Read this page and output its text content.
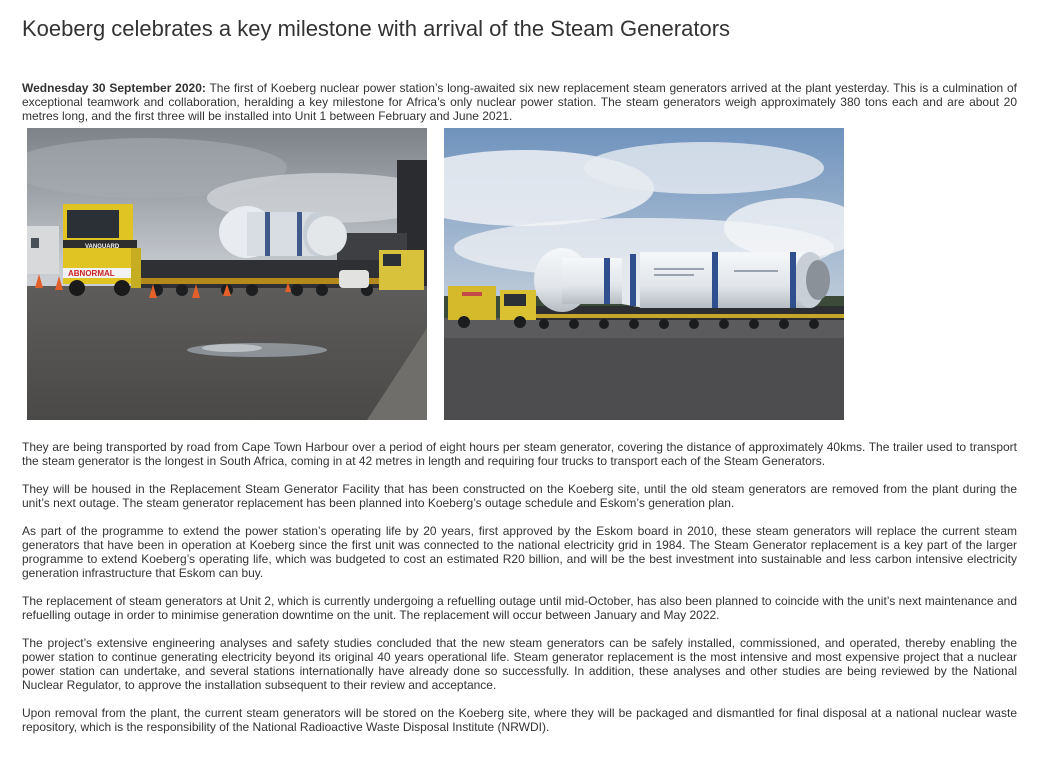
Koeberg celebrates a key milestone with arrival of the Steam Generators

Wednesday 30 September 2020: The first of Koeberg nuclear power station’s long-awaited six new replacement steam generators arrived at the plant yesterday. This is a culmination of exceptional teamwork and collaboration, heralding a key milestone for Africa’s only nuclear power station. The steam generators weigh approximately 380 tons each and are about 20 metres long, and the first three will be installed into Unit 1 between February and June 2021.

VANGUARD
ABNORMAL

They are being transported by road from Cape Town Harbour over a period of eight hours per steam generator, covering the distance of approximately 40kms. The trailer used to transport the steam generator is the longest in South Africa, coming in at 42 metres in length and requiring four trucks to transport each of the Steam Generators.

They will be housed in the Replacement Steam Generator Facility that has been constructed on the Koeberg site, until the old steam generators are removed from the plant during the unit’s next outage. The steam generator replacement has been planned into Koeberg’s outage schedule and Eskom’s generation plan.

As part of the programme to extend the power station’s operating life by 20 years, first approved by the Eskom board in 2010, these steam generators will replace the current steam generators that have been in operation at Koeberg since the first unit was connected to the national electricity grid in 1984. The Steam Generator replacement is a key part of the larger programme to extend Koeberg’s operating life, which was budgeted to cost an estimated R20 billion, and will be the best investment into sustainable and less carbon intensive electricity generation infrastructure that Eskom can buy.

The replacement of steam generators at Unit 2, which is currently undergoing a refuelling outage until mid-October, has also been planned to coincide with the unit’s next maintenance and refuelling outage in order to minimise generation downtime on the unit. The replacement will occur between January and May 2022.

The project’s extensive engineering analyses and safety studies concluded that the new steam generators can be safely installed, commissioned, and operated, thereby enabling the power station to continue generating electricity beyond its original 40 years operational life. Steam generator replacement is the most intensive and most expensive project that a nuclear power station can undertake, and several stations internationally have already done so successfully. In addition, these analyses and other studies are being reviewed by the National Nuclear Regulator, to approve the installation subsequent to their review and acceptance.

Upon removal from the plant, the current steam generators will be stored on the Koeberg site, where they will be packaged and dismantled for final disposal at a national nuclear waste repository, which is the responsibility of the National Radioactive Waste Disposal Institute (NRWDI).
